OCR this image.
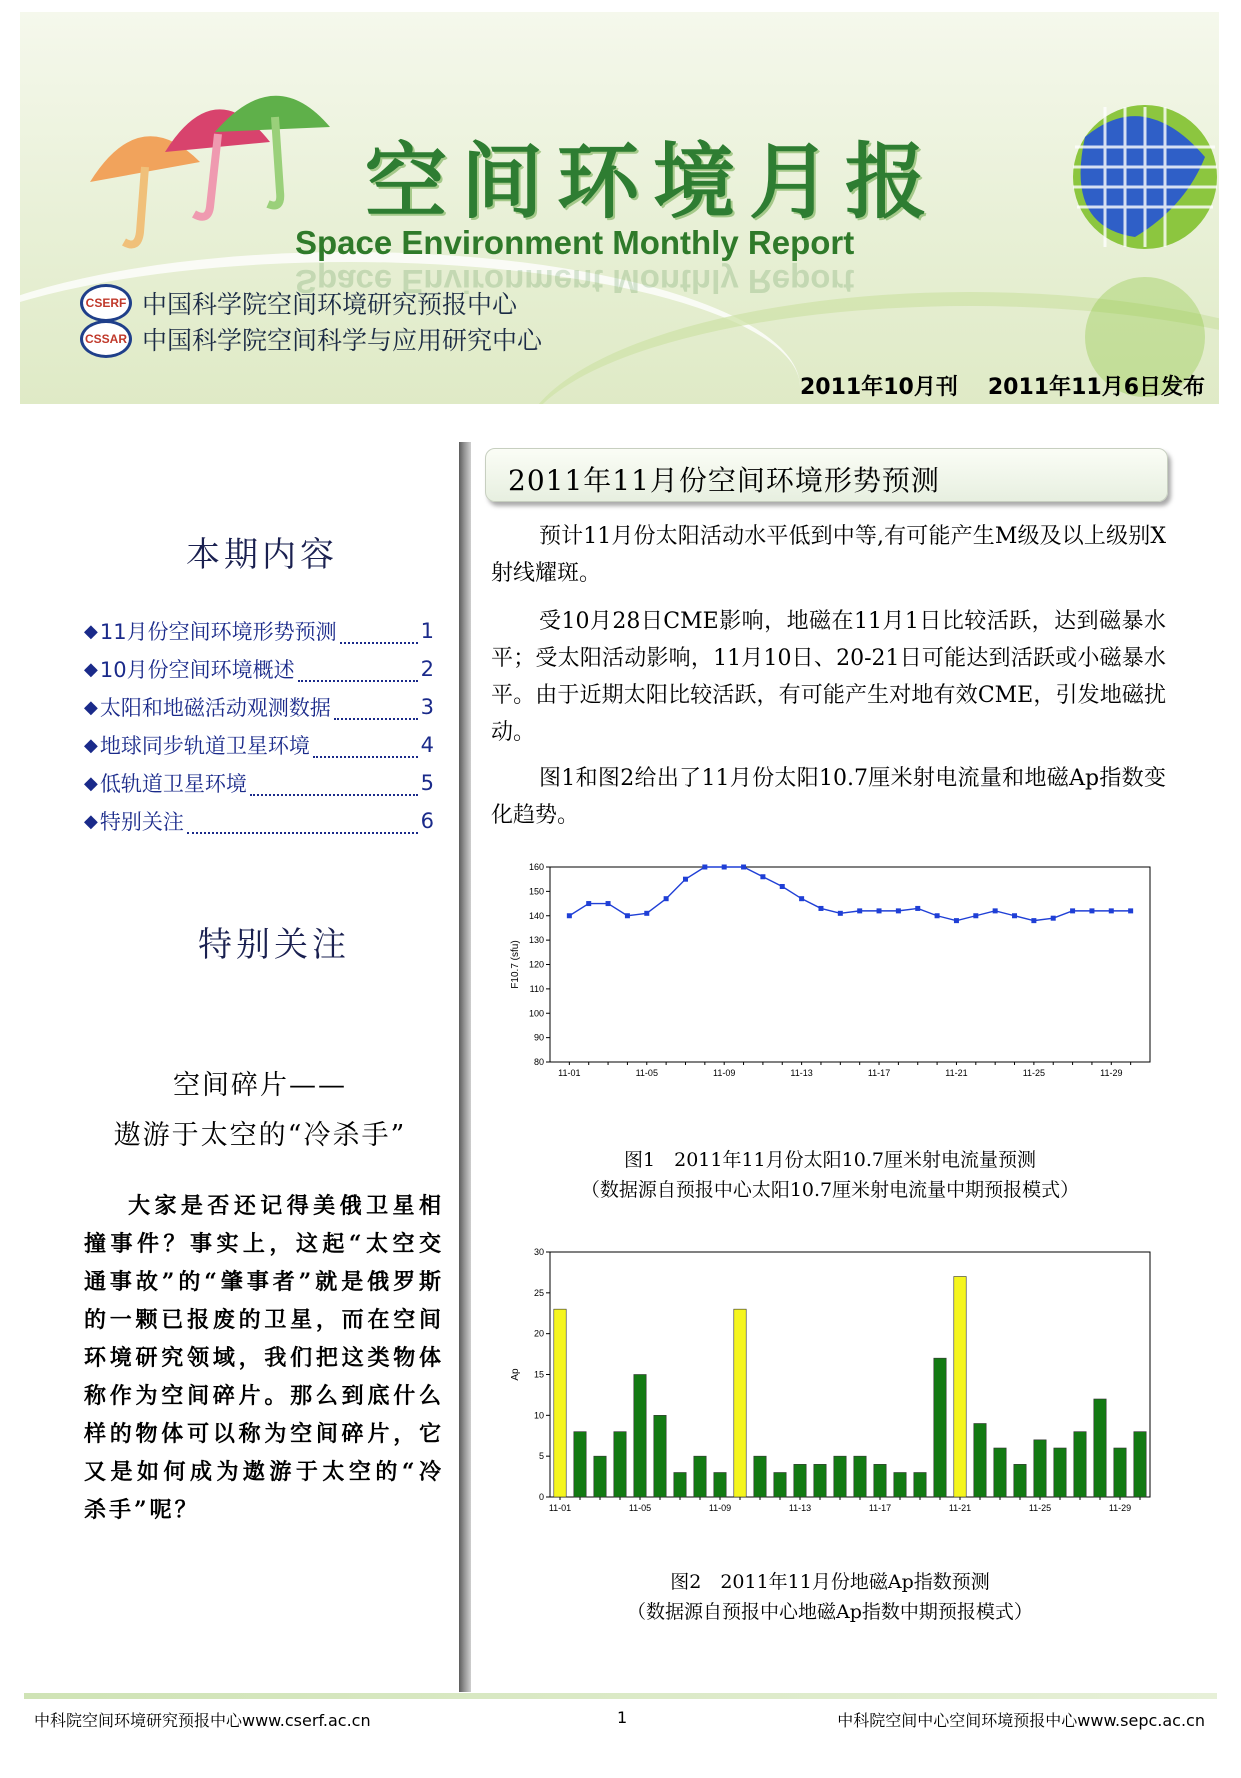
空间环境月报
Space Environment Monthly Report
Space Environment Monthly Report
CSERF 中国科学院空间环境研究预报中心
CSSAR 中国科学院空间科学与应用研究中心
2011年10月刊 2011年11月6日发布
本期内容
◆ 11月份空间环境形势预测	1
◆ 10月份空间环境概述	2
◆ 太阳和地磁活动观测数据	3
◆ 地球同步轨道卫星环境	4
◆ 低轨道卫星环境	5
◆ 特别关注	6
特别关注
空间碎片——
遨游于太空的“冷杀手”
大家是否还记得美俄卫星相撞事件？事实上，这起“太空交通事故”的“肇事者”就是俄罗斯的一颗已报废的卫星，而在空间环境研究领域，我们把这类物体称作为空间碎片。那么到底什么样的物体可以称为空间碎片，它又是如何成为遨游于太空的“冷杀手”呢？
2011年11月份空间环境形势预测
预计11月份太阳活动水平低到中等,有可能产生M级及以上级别X射线耀斑。
受10月28日CME影响，地磁在11月1日比较活跃，达到磁暴水平；受太阳活动影响，11月10日、20-21日可能达到活跃或小磁暴水平。由于近期太阳比较活跃，有可能产生对地有效CME，引发地磁扰动。
图1和图2给出了11月份太阳10.7厘米射电流量和地磁Ap指数变化趋势。
80
90
100
110
120
130
140
150
160
F10.7 (sfu)
11-01	11-05	11-09	11-13	11-17	11-21	11-25	11-29
图1　2011年11月份太阳10.7厘米射电流量预测
（数据源自预报中心太阳10.7厘米射电流量中期预报模式）
0
5
10
15
20
25
30
Ap
11-01	11-05	11-09	11-13	11-17	11-21	11-25	11-29
图2　2011年11月份地磁Ap指数预测
（数据源自预报中心地磁Ap指数中期预报模式）
中科院空间环境研究预报中心www.cserf.ac.cn	1	中科院空间中心空间环境预报中心www.sepc.ac.cn
